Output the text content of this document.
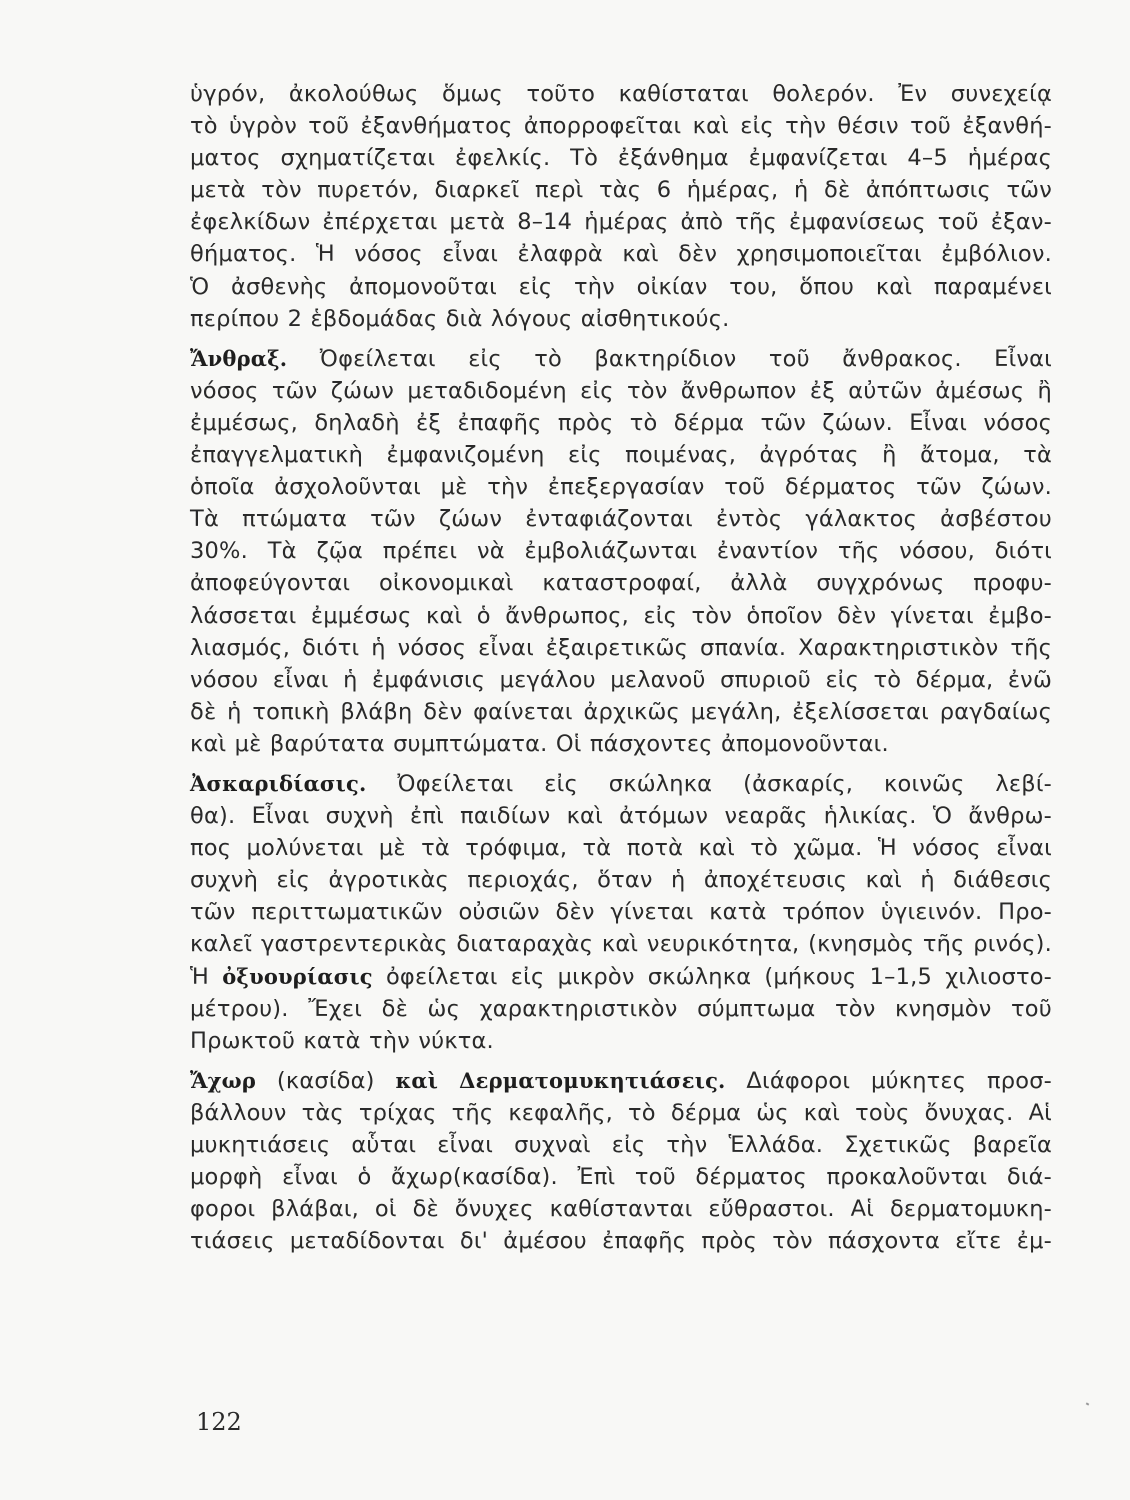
ὑγρόν, ἀκολούθως ὅμως τοῦτο καθίσταται θολερόν. Ἐν συνεχείᾳ
τὸ ὑγρὸν τοῦ ἐξανθήματος ἀπορροφεῖται καὶ εἰς τὴν θέσιν τοῦ ἐξανθή-
ματος σχηματίζεται ἐφελκίς. Τὸ ἐξάνθημα ἐμφανίζεται 4–5 ἡμέρας
μετὰ τὸν πυρετόν, διαρκεῖ περὶ τὰς 6 ἡμέρας, ἡ δὲ ἀπόπτωσις τῶν
ἐφελκίδων ἐπέρχεται μετὰ 8–14 ἡμέρας ἀπὸ τῆς ἐμφανίσεως τοῦ ἐξαν-
θήματος. Ἡ νόσος εἶναι ἐλαφρὰ καὶ δὲν χρησιμοποιεῖται ἐμβόλιον.
Ὁ ἀσθενὴς ἀπομονοῦται εἰς τὴν οἰκίαν του, ὅπου καὶ παραμένει
περίπου 2 ἑβδομάδας διὰ λόγους αἰσθητικούς.
Ἄνθραξ. Ὀφείλεται εἰς τὸ βακτηρίδιον τοῦ ἄνθρακος. Εἶναι
νόσος τῶν ζώων μεταδιδομένη εἰς τὸν ἄνθρωπον ἐξ αὐτῶν ἀμέσως ἢ
ἐμμέσως, δηλαδὴ ἐξ ἐπαφῆς πρὸς τὸ δέρμα τῶν ζώων. Εἶναι νόσος
ἐπαγγελματικὴ ἐμφανιζομένη εἰς ποιμένας, ἀγρότας ἢ ἄτομα, τὰ
ὁποῖα ἀσχολοῦνται μὲ τὴν ἐπεξεργασίαν τοῦ δέρματος τῶν ζώων.
Τὰ πτώματα τῶν ζώων ἐνταφιάζονται ἐντὸς γάλακτος ἀσβέστου
30%. Τὰ ζῷα πρέπει νὰ ἐμβολιάζωνται ἐναντίον τῆς νόσου, διότι
ἀποφεύγονται οἰκονομικαὶ καταστροφαί, ἀλλὰ συγχρόνως προφυ-
λάσσεται ἐμμέσως καὶ ὁ ἄνθρωπος, εἰς τὸν ὁποῖον δὲν γίνεται ἐμβο-
λιασμός, διότι ἡ νόσος εἶναι ἐξαιρετικῶς σπανία. Χαρακτηριστικὸν τῆς
νόσου εἶναι ἡ ἐμφάνισις μεγάλου μελανοῦ σπυριοῦ εἰς τὸ δέρμα, ἐνῶ
δὲ ἡ τοπικὴ βλάβη δὲν φαίνεται ἀρχικῶς μεγάλη, ἐξελίσσεται ραγδαίως
καὶ μὲ βαρύτατα συμπτώματα. Οἱ πάσχοντες ἀπομονοῦνται.
Ἀσκαριδίασις. Ὀφείλεται εἰς σκώληκα (ἀσκαρίς, κοινῶς λεβί-
θα). Εἶναι συχνὴ ἐπὶ παιδίων καὶ ἀτόμων νεαρᾶς ἡλικίας. Ὁ ἄνθρω-
πος μολύνεται μὲ τὰ τρόφιμα, τὰ ποτὰ καὶ τὸ χῶμα. Ἡ νόσος εἶναι
συχνὴ εἰς ἀγροτικὰς περιοχάς, ὅταν ἡ ἀποχέτευσις καὶ ἡ διάθεσις
τῶν περιττωματικῶν οὐσιῶν δὲν γίνεται κατὰ τρόπον ὑγιεινόν. Προ-
καλεῖ γαστρεντερικὰς διαταραχὰς καὶ νευρικότητα, (κνησμὸς τῆς ρινός).
Ἡ ὀξυουρίασις ὀφείλεται εἰς μικρὸν σκώληκα (μήκους 1–1,5 χιλιοστο-
μέτρου). Ἔχει δὲ ὡς χαρακτηριστικὸν σύμπτωμα τὸν κνησμὸν τοῦ
Πρωκτοῦ κατὰ τὴν νύκτα.
Ἄχωρ (κασίδα) καὶ Δερματομυκητιάσεις. Διάφοροι μύκητες προσ-
βάλλουν τὰς τρίχας τῆς κεφαλῆς, τὸ δέρμα ὡς καὶ τοὺς ὄνυχας. Αἱ
μυκητιάσεις αὗται εἶναι συχναὶ εἰς τὴν Ἑλλάδα. Σχετικῶς βαρεῖα
μορφὴ εἶναι ὁ ἄχωρ(κασίδα). Ἐπὶ τοῦ δέρματος προκαλοῦνται διά-
φοροι βλάβαι, οἱ δὲ ὄνυχες καθίστανται εὔθραστοι. Αἱ δερματομυκη-
τιάσεις μεταδίδονται δι' ἀμέσου ἐπαφῆς πρὸς τὸν πάσχοντα εἴτε ἐμ-
122
